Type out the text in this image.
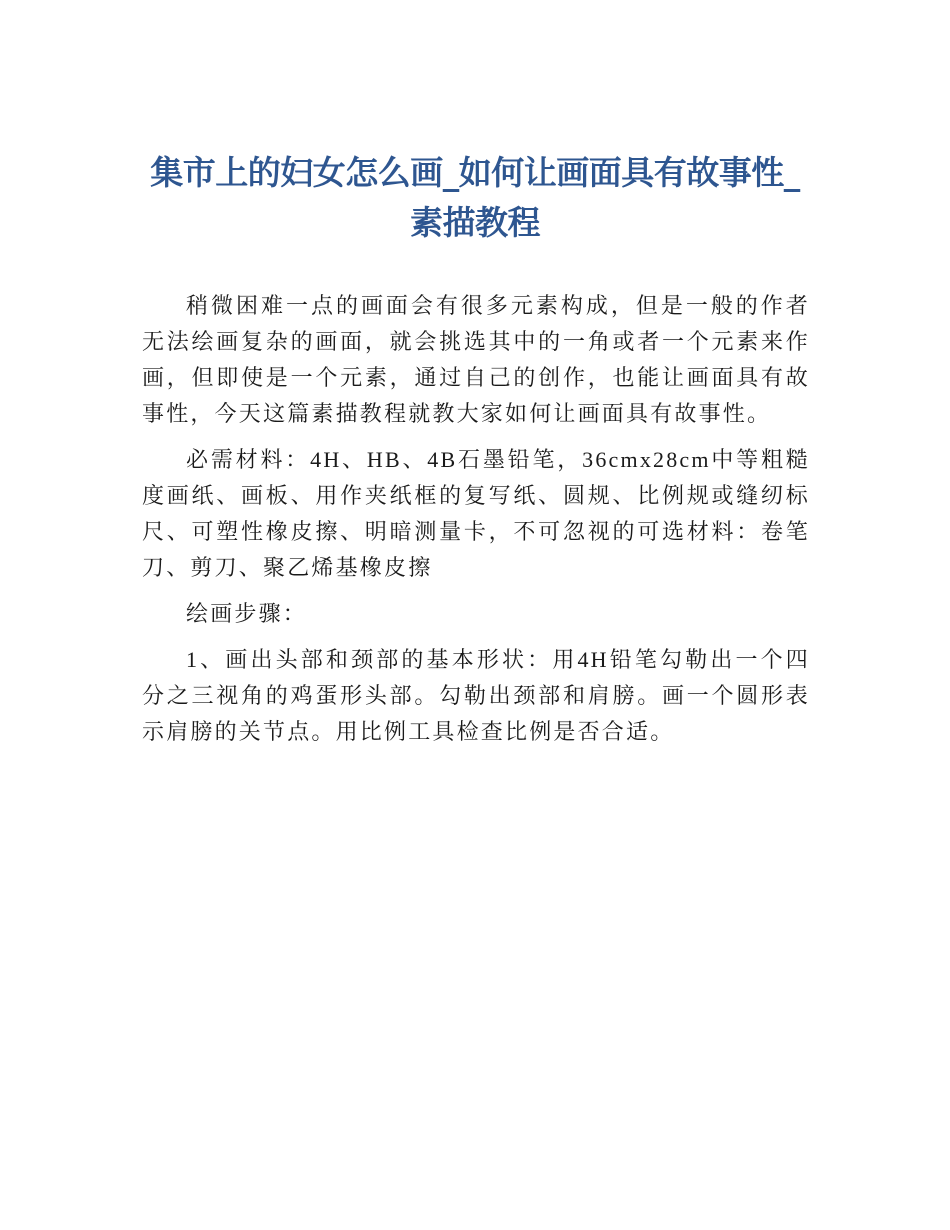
集市上的妇女怎么画_如何让画面具有故事性_素描教程

稍微困难一点的画面会有很多元素构成，但是一般的作者无法绘画复杂的画面，就会挑选其中的一角或者一个元素来作画，但即使是一个元素，通过自己的创作，也能让画面具有故事性，今天这篇素描教程就教大家如何让画面具有故事性。

必需材料：4H、HB、4B石墨铅笔，36cmx28cm中等粗糙度画纸、画板、用作夹纸框的复写纸、圆规、比例规或缝纫标尺、可塑性橡皮擦、明暗测量卡，不可忽视的可选材料：卷笔刀、剪刀、聚乙烯基橡皮擦

绘画步骤：

1、画出头部和颈部的基本形状：用4H铅笔勾勒出一个四分之三视角的鸡蛋形头部。勾勒出颈部和肩膀。画一个圆形表示肩膀的关节点。用比例工具检查比例是否合适。
